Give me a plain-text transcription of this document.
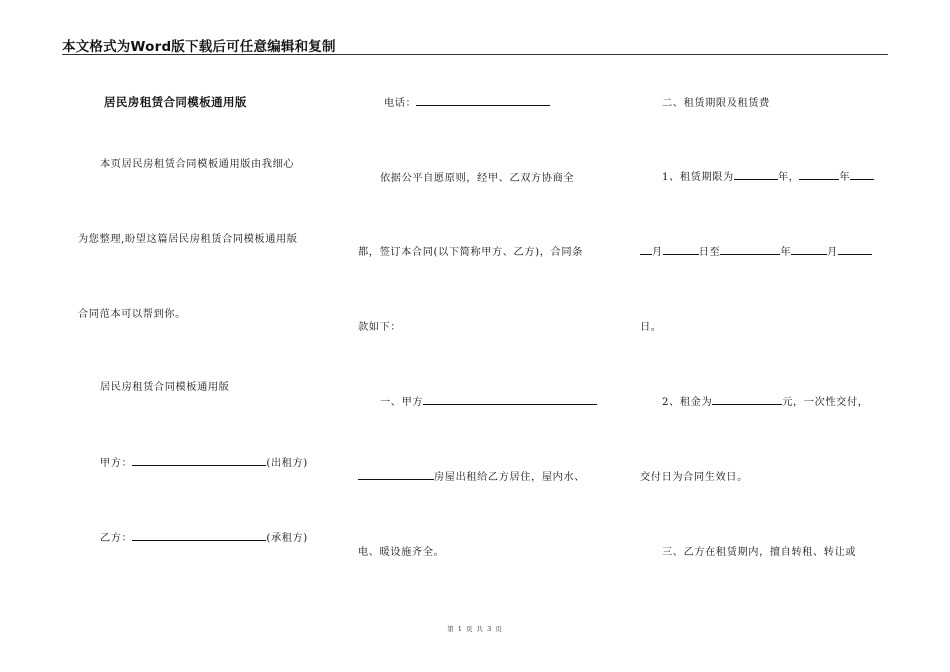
本文格式为Word版下载后可任意编辑和复制
居民房租赁合同模板通用版
本页居民房租赁合同模板通用版由我细心
为您整理,盼望这篇居民房租赁合同模板通用版
合同范本可以帮到你。
居民房租赁合同模板通用版
甲方：	(出租方)
乙方：	(承租方)
电话：
依据公平自愿原则，经甲、乙双方协商全
都，签订本合同(以下简称甲方、乙方)，合同条
款如下：
一、甲方
房屋出租给乙方居住，屋内水、
电、暖设施齐全。
二、租赁期限及租赁费
1、租赁期限为	年，	年
月	日至	年	月
日。
2、租金为	元，一次性交付，
交付日为合同生效日。
三、乙方在租赁期内，擅自转租、转让或
第 1 页 共 3 页
